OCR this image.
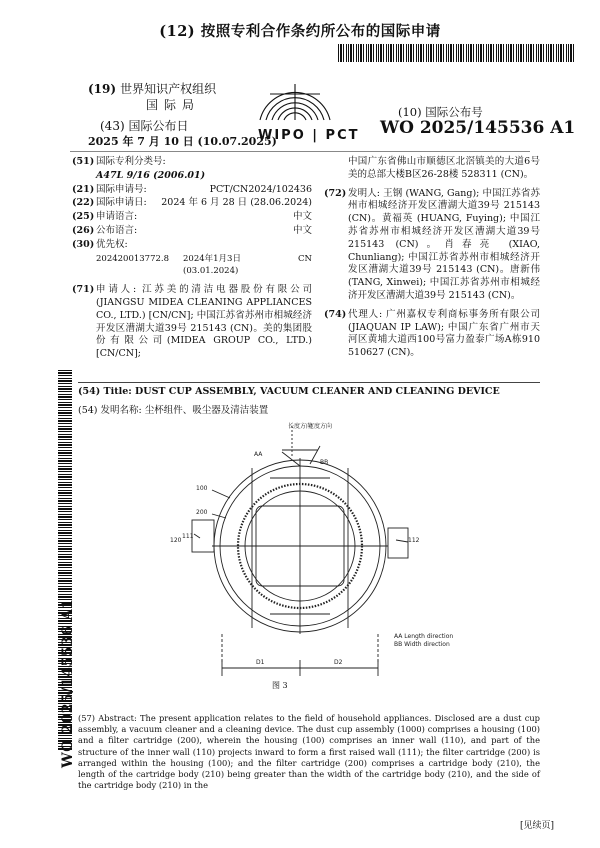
(12) 按照专利合作条约所公布的国际申请
(19) 世界知识产权组织
国际局
(43) 国际公布日
2025 年 7 月 10 日 (10.07.2025)
WIPO | PCT
(10) 国际公布号
WO 2025/145536 A1
(51) 国际专利分类号:
A47L 9/16 (2006.01)
(21) 国际申请号:	PCT/CN2024/102436
(22) 国际申请日:	2024 年 6 月 28 日 (28.06.2024)
(25) 申请语言:	中文
(26) 公布语言:	中文
(30) 优先权:
202420013772.8 2024年1月3日 (03.01.2024)
CN
(71) 申请人: 江苏美的清洁电器股份有限公司 (JIANGSU MIDEA CLEANING APPLIANCES CO., LTD.) [CN/CN]; 中国江苏省苏州市相城经济开发区漕湖大道39号 215143 (CN)。美的集团股份有限公司(MIDEA GROUP CO., LTD.) [CN/CN];
中国广东省佛山市顺德区北滘镇美的大道6号美的总部大楼B区26-28楼 528311 (CN)。
(72) 发明人: 王钢 (WANG, Gang); 中国江苏省苏州市相城经济开发区漕湖大道39号 215143 (CN)。黄福英 (HUANG, Fuying); 中国江苏省苏州市相城经济开发区漕湖大道39号 215143 (CN)。肖春亮 (XIAO, Chunliang); 中国江苏省苏州市相城经济开发区漕湖大道39号 215143 (CN)。唐新伟 (TANG, Xinwei); 中国江苏省苏州市相城经济开发区漕湖大道39号 215143 (CN)。
(74) 代理人: 广州嘉权专利商标事务所有限公司 (JIAQUAN IP LAW); 中国广东省广州市天河区黄埔大道西100号富力盈泰广场A栋910 510627 (CN)。
WO 2025/145536 A1
(54) Title: DUST CUP ASSEMBLY, VACUUM CLEANER AND CLEANING DEVICE
(54) 发明名称: 尘杯组件、吸尘器及清洁装置
长度方向
宽度方向
AA
BB
100
200
111
120	112
D1	D2
AA Length direction
BB Width direction
图 3
(57) Abstract: The present application relates to the field of household appliances. Disclosed are a dust cup assembly, a vacuum cleaner and a cleaning device. The dust cup assembly (1000) comprises a housing (100) and a filter cartridge (200), wherein the housing (100) comprises an inner wall (110), and part of the structure of the inner wall (110) projects inward to form a first raised wall (111); the filter cartridge (200) is arranged within the housing (100); and the filter cartridge (200) comprises a cartridge body (210), the length of the cartridge body (210) being greater than the width of the cartridge body (210), and the side of the cartridge body (210) in the
[见续页]
